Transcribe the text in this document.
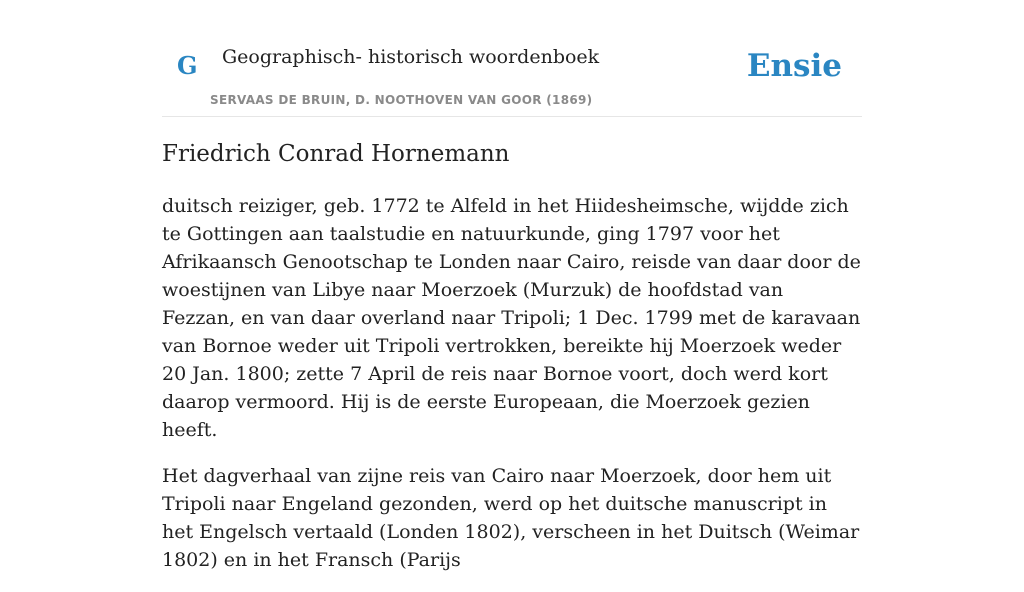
G Geographisch- historisch woordenboek
SERVAAS DE BRUIN, D. NOOTHOVEN VAN GOOR (1869)
Ensie
Friedrich Conrad Hornemann

duitsch reiziger, geb. 1772 te Alfeld in het Hiidesheimsche, wijdde zich te Gottingen aan taalstudie en natuurkunde, ging 1797 voor het Afrikaansch Genootschap te Londen naar Cairo, reisde van daar door de woestijnen van Libye naar Moerzoek (Murzuk) de hoofdstad van Fezzan, en van daar overland naar Tripoli; 1 Dec. 1799 met de karavaan van Bornoe weder uit Tripoli vertrokken, bereikte hij Moerzoek weder 20 Jan. 1800; zette 7 April de reis naar Bornoe voort, doch werd kort daarop vermoord. Hij is de eerste Europeaan, die Moerzoek gezien heeft.

Het dagverhaal van zijne reis van Cairo naar Moerzoek, door hem uit Tripoli naar Engeland gezonden, werd op het duitsche manuscript in het Engelsch vertaald (Londen 1802), verscheen in het Duitsch (Weimar 1802) en in het Fransch (Parijs
